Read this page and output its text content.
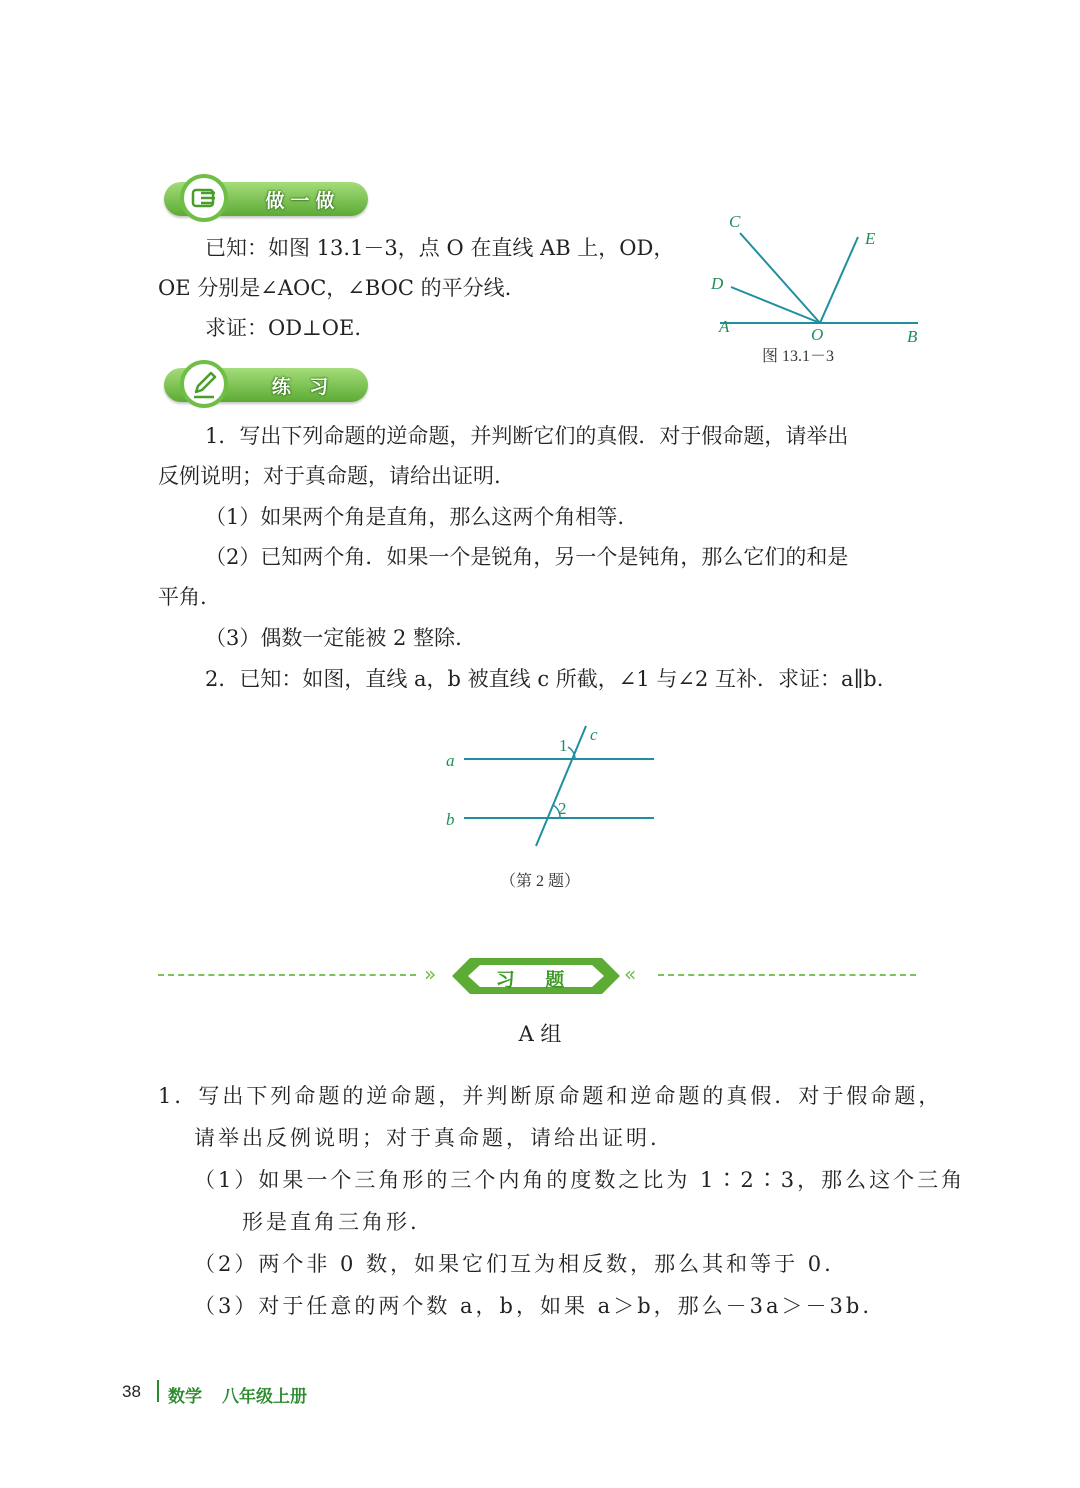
做一做
已知：如图 13.1－3，点 O 在直线 AB 上，OD，
OE 分别是∠AOC，∠BOC 的平分线.
求证：OD⊥OE.
C
E
D
A	O	B
图 13.1－3
练 习
1．写出下列命题的逆命题，并判断它们的真假．对于假命题，请举出
反例说明；对于真命题，请给出证明.
（1）如果两个角是直角，那么这两个角相等.
（2）已知两个角．如果一个是锐角，另一个是钝角，那么它们的和是
平角.
（3）偶数一定能被 2 整除.
2．已知：如图，直线 a，b 被直线 c 所截，∠1 与∠2 互补．求证：a∥b.
a
b
c
1
2
（第 2 题）
»	习 题	«
A 组
1．写出下列命题的逆命题，并判断原命题和逆命题的真假．对于假命题，
请举出反例说明；对于真命题，请给出证明.
（1）如果一个三角形的三个内角的度数之比为 1∶2∶3，那么这个三角
形是直角三角形.
（2）两个非 0 数，如果它们互为相反数，那么其和等于 0.
（3）对于任意的两个数 a，b，如果 a＞b，那么－3a＞－3b.
38 数学 八年级上册
